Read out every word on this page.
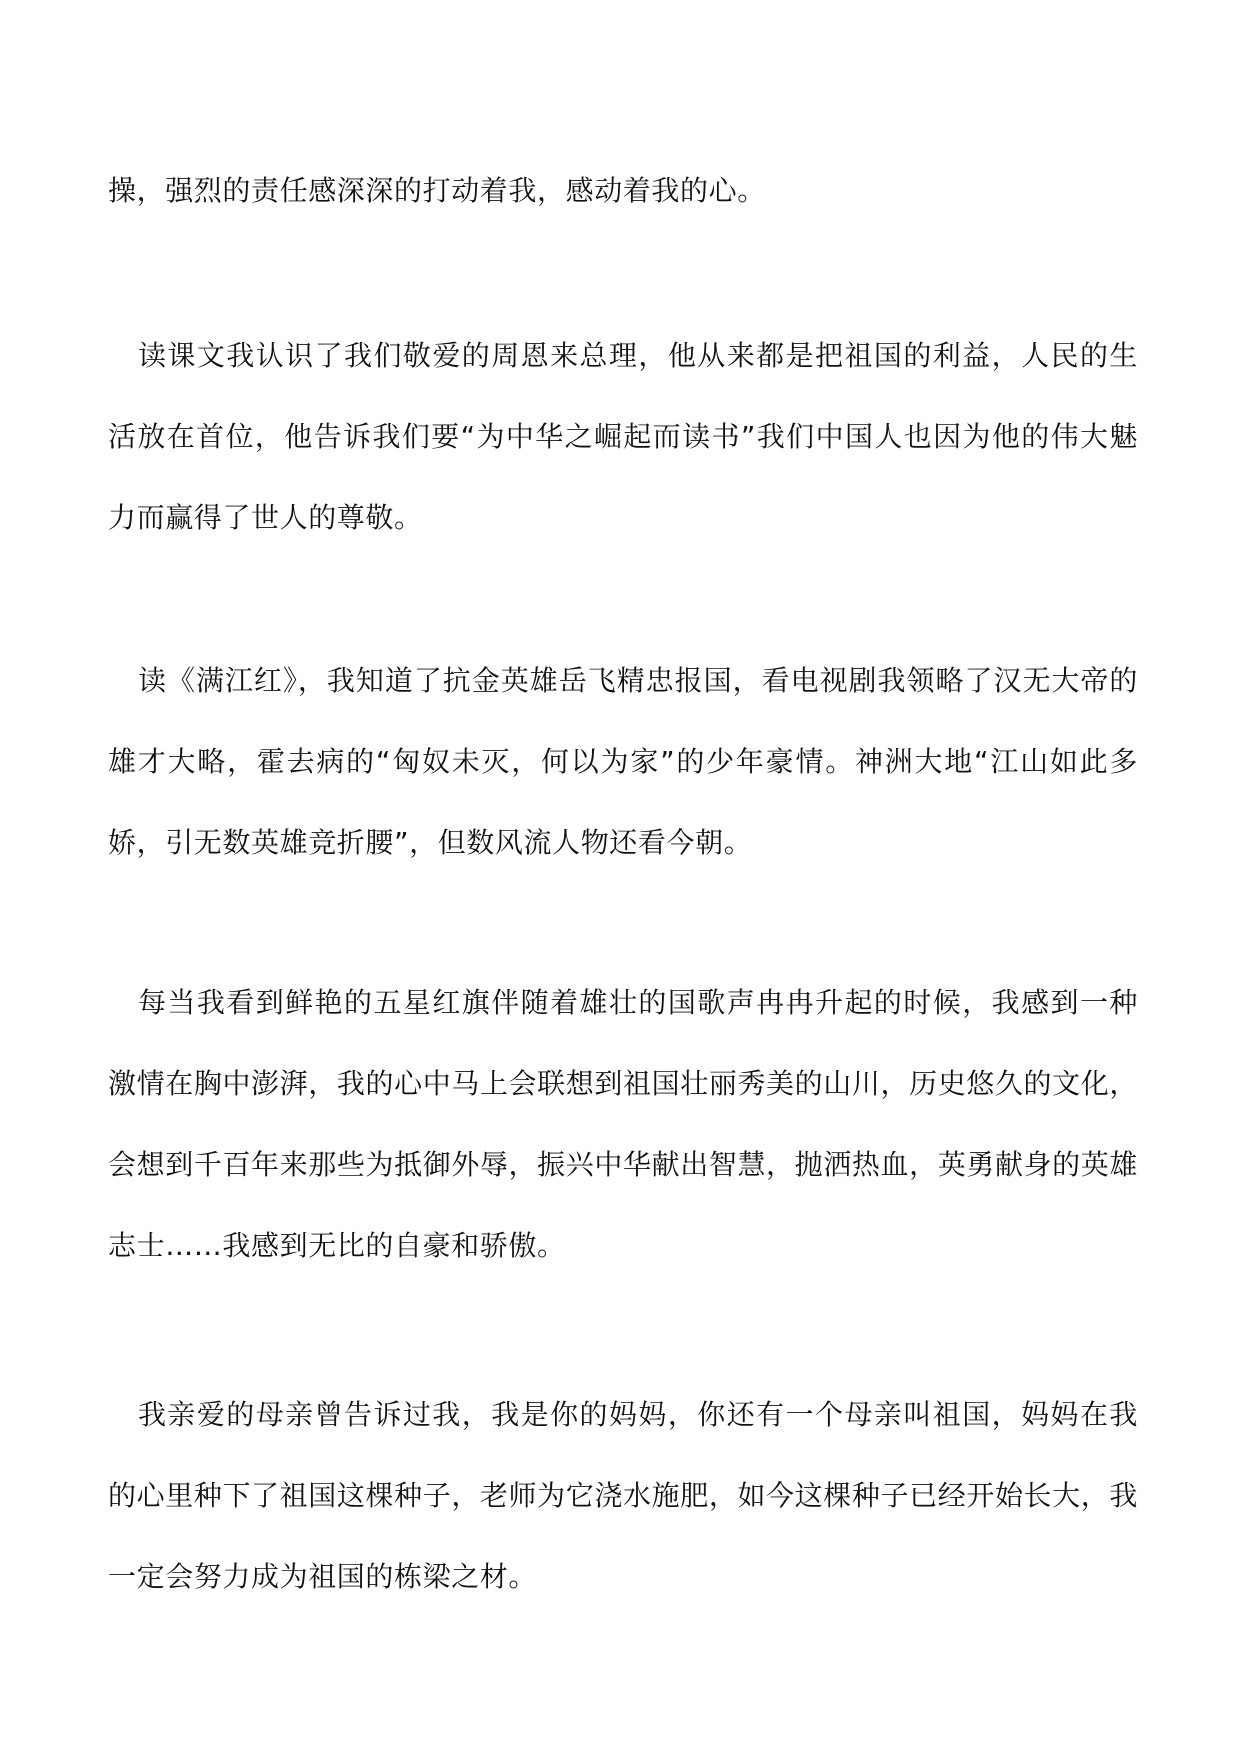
操，强烈的责任感深深的打动着我，感动着我的心。

读课文我认识了我们敬爱的周恩来总理，他从来都是把祖国的利益，人民的生活放在首位，他告诉我们要“为中华之崛起而读书”我们中国人也因为他的伟大魅力而赢得了世人的尊敬。

读《满江红》，我知道了抗金英雄岳飞精忠报国，看电视剧我领略了汉无大帝的雄才大略，霍去病的“匈奴未灭，何以为家”的少年豪情。神洲大地“江山如此多娇，引无数英雄竞折腰”，但数风流人物还看今朝。

每当我看到鲜艳的五星红旗伴随着雄壮的国歌声冉冉升起的时候，我感到一种激情在胸中澎湃，我的心中马上会联想到祖国壮丽秀美的山川，历史悠久的文化，会想到千百年来那些为抵御外辱，振兴中华献出智慧，抛洒热血，英勇献身的英雄志士……我感到无比的自豪和骄傲。

我亲爱的母亲曾告诉过我，我是你的妈妈，你还有一个母亲叫祖国，妈妈在我的心里种下了祖国这棵种子，老师为它浇水施肥，如今这棵种子已经开始长大，我一定会努力成为祖国的栋梁之材。
